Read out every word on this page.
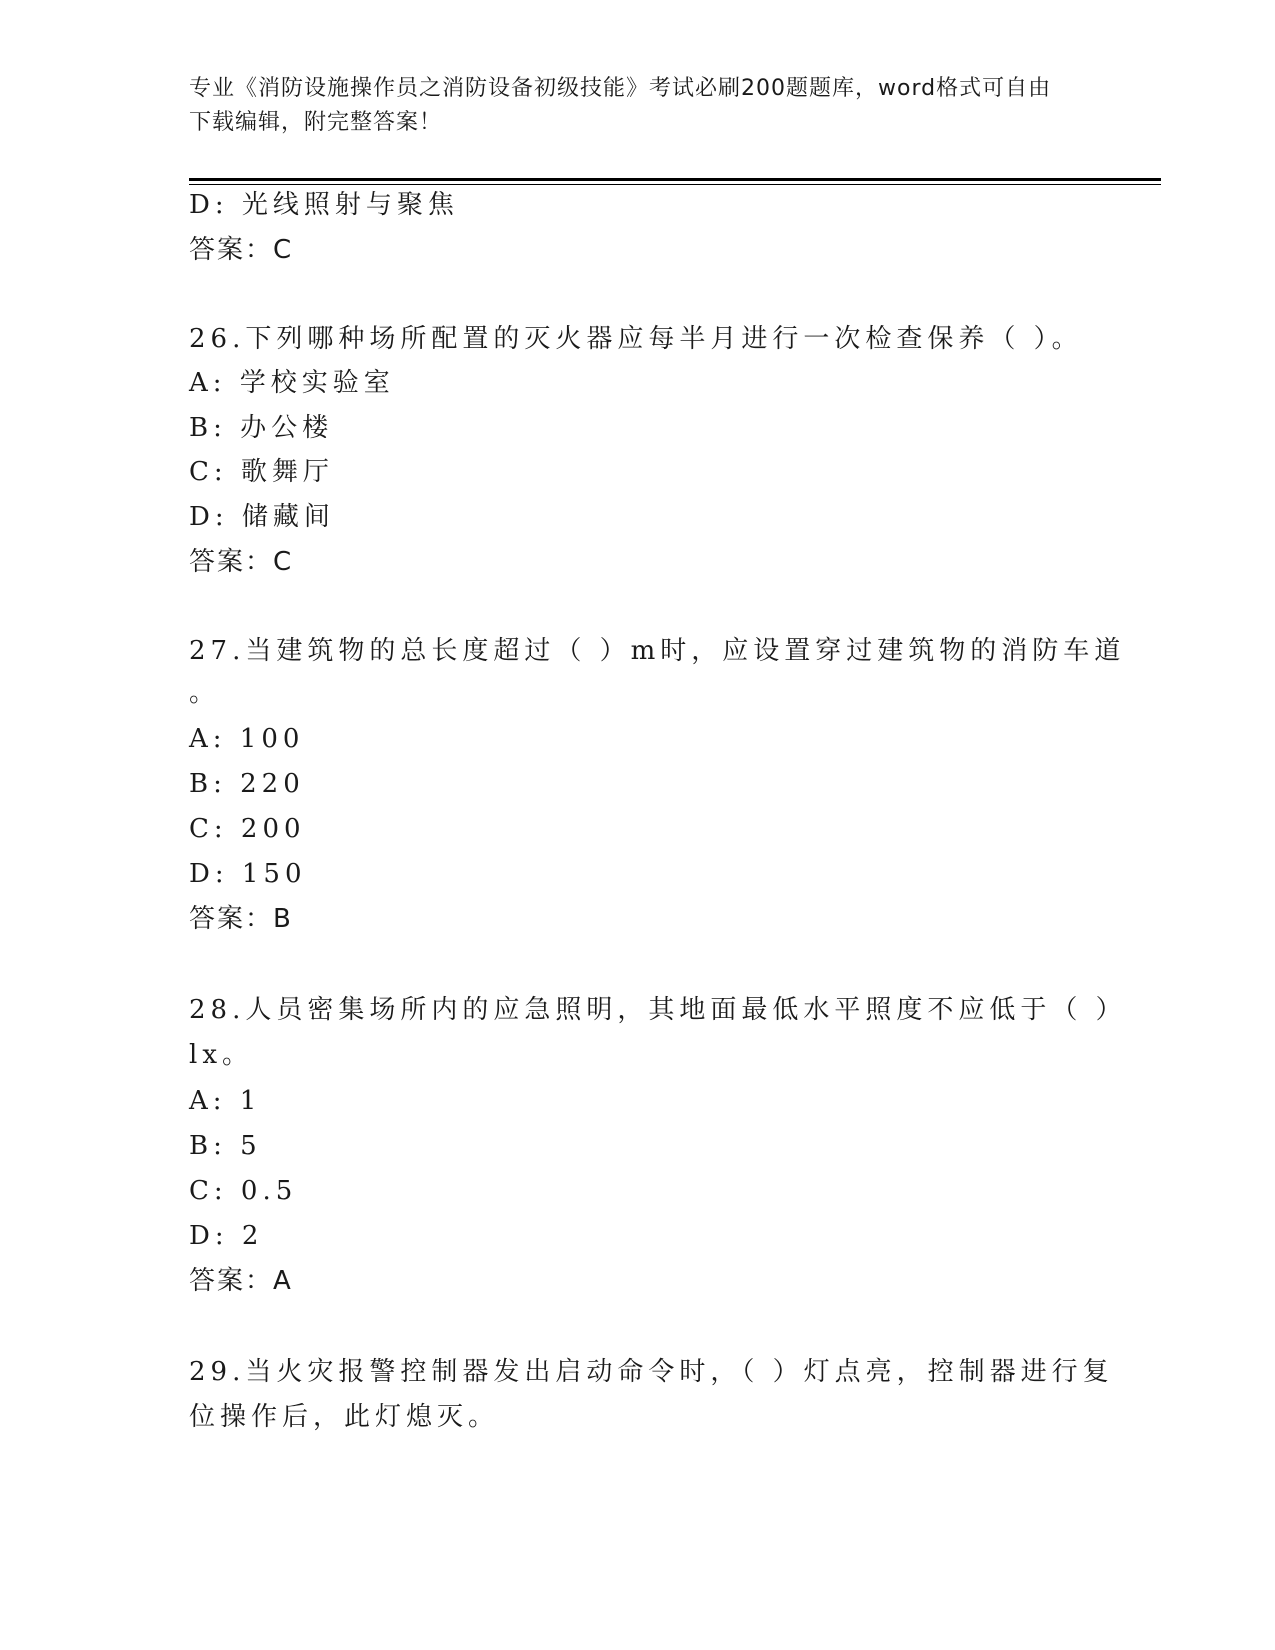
专业《消防设施操作员之消防设备初级技能》考试必刷200题题库，word格式可自由下载编辑，附完整答案！
D: 光线照射与聚焦
答案：C
26.下列哪种场所配置的灭火器应每半月进行一次检查保养（ ）。
A: 学校实验室
B: 办公楼
C: 歌舞厅
D: 储藏间
答案：C
27.当建筑物的总长度超过（ ）m时，应设置穿过建筑物的消防车道
。
A: 100
B: 220
C: 200
D: 150
答案：B
28.人员密集场所内的应急照明，其地面最低水平照度不应低于（ ）
lx。
A: 1
B: 5
C: 0.5
D: 2
答案：A
29.当火灾报警控制器发出启动命令时，（ ）灯点亮，控制器进行复
位操作后，此灯熄灭。
